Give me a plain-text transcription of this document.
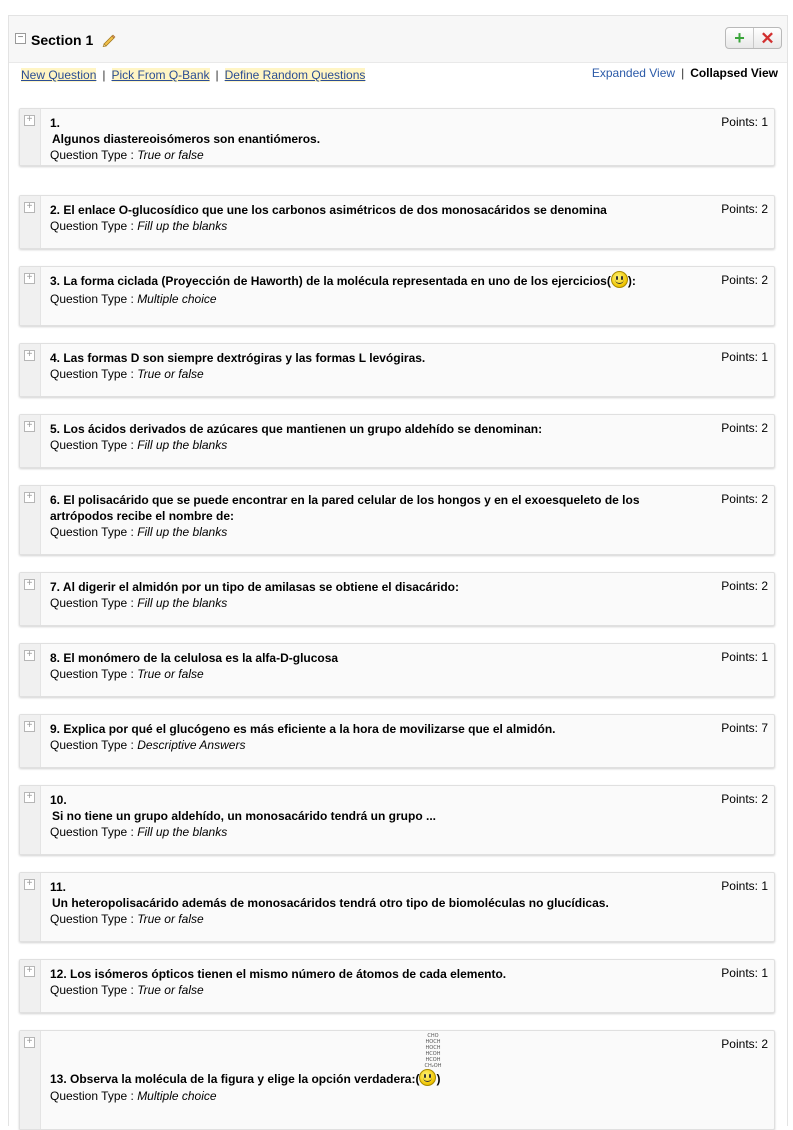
− Section 1	+ ✕
New Question | Pick From Q-Bank | Define Random Questions	Expanded View | Collapsed View
+ 1.
Algunos diastereoisómeros son enantiómeros.
Question Type : True or false
Points: 1
+ 2. El enlace O-glucosídico que une los carbonos asimétricos de dos monosacáridos se denomina
Question Type : Fill up the blanks
Points: 2
+ 3. La forma ciclada (Proyección de Haworth) de la molécula representada en uno de los ejercicios( ):
Question Type : Multiple choice
Points: 2
+ 4. Las formas D son siempre dextrógiras y las formas L levógiras.
Question Type : True or false
Points: 1
+ 5. Los ácidos derivados de azúcares que mantienen un grupo aldehído se denominan:
Question Type : Fill up the blanks
Points: 2
+ 6. El polisacárido que se puede encontrar en la pared celular de los hongos y en el exoesqueleto de los artrópodos recibe el nombre de:
Question Type : Fill up the blanks
Points: 2
+ 7. Al digerir el almidón por un tipo de amilasas se obtiene el disacárido:
Question Type : Fill up the blanks
Points: 2
+ 8. El monómero de la celulosa es la alfa-D-glucosa
Question Type : True or false
Points: 1
+ 9. Explica por qué el glucógeno es más eficiente a la hora de movilizarse que el almidón.
Question Type : Descriptive Answers
Points: 7
+ 10.
Si no tiene un grupo aldehído, un monosacárido tendrá un grupo ...
Question Type : Fill up the blanks
Points: 2
+ 11.
Un heteropolisacárido además de monosacáridos tendrá otro tipo de biomoléculas no glucídicas.
Question Type : True or false
Points: 1
+ 12. Los isómeros ópticos tienen el mismo número de átomos de cada elemento.
Question Type : True or false
Points: 1
+	CHO
HOCH
HOCH
HCOH
HCOH
CH₂OH
13. Observa la molécula de la figura y elige la opción verdadera:( )
Question Type : Multiple choice
Points: 2
